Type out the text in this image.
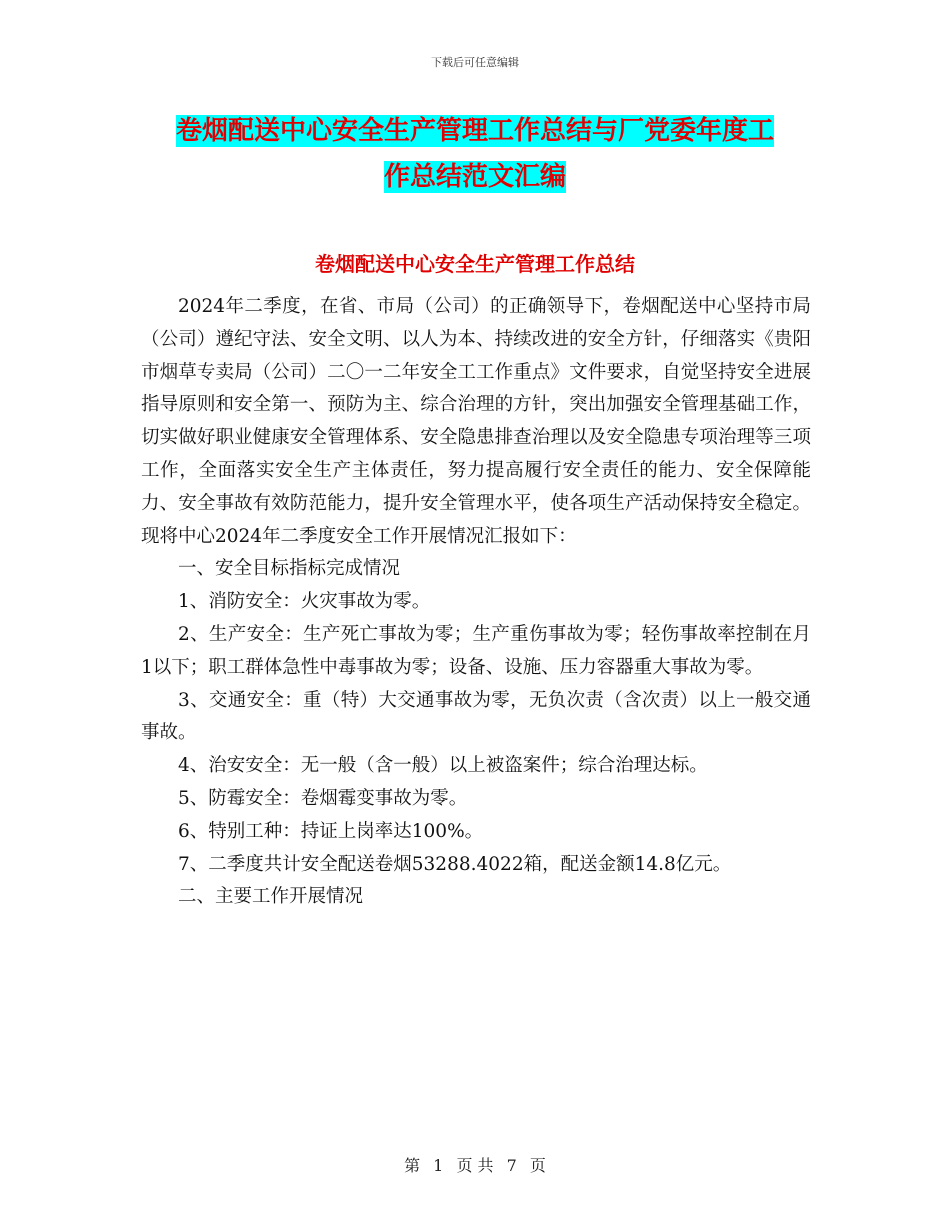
下载后可任意编辑
卷烟配送中心安全生产管理工作总结与厂党委年度工
作总结范文汇编
卷烟配送中心安全生产管理工作总结

2024年二季度，在省、市局（公司）的正确领导下，卷烟配送中心坚持市局（公司）遵纪守法、安全文明、以人为本、持续改进的安全方针，仔细落实《贵阳市烟草专卖局（公司）二〇一二年安全工工作重点》文件要求，自觉坚持安全进展指导原则和安全第一、预防为主、综合治理的方针，突出加强安全管理基础工作，切实做好职业健康安全管理体系、安全隐患排查治理以及安全隐患专项治理等三项工作，全面落实安全生产主体责任，努力提高履行安全责任的能力、安全保障能力、安全事故有效防范能力，提升安全管理水平，使各项生产活动保持安全稳定。现将中心2024年二季度安全工作开展情况汇报如下：

一、安全目标指标完成情况

1、消防安全：火灾事故为零。

2、生产安全：生产死亡事故为零；生产重伤事故为零；轻伤事故率控制在月1以下；职工群体急性中毒事故为零；设备、设施、压力容器重大事故为零。

3、交通安全：重（特）大交通事故为零，无负次责（含次责）以上一般交通事故。

4、治安安全：无一般（含一般）以上被盗案件；综合治理达标。

5、防霉安全：卷烟霉变事故为零。

6、特别工种：持证上岗率达100%。

7、二季度共计安全配送卷烟53288.4022箱，配送金额14.8亿元。

二、主要工作开展情况

第 1 页 共 7 页
